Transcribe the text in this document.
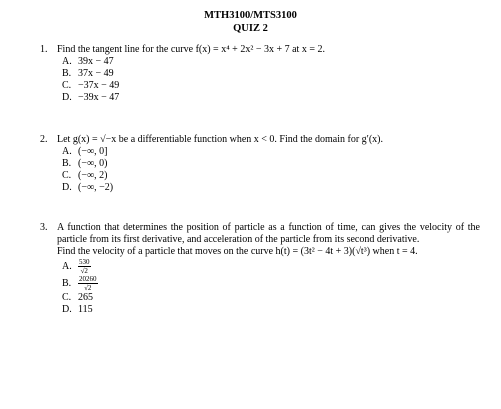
MTH3100/MTS3100
QUIZ 2
1. Find the tangent line for the curve f(x) = x⁴ + 2x² − 3x + 7 at x = 2.
A. 39x − 47
B. 37x − 49
C. −37x − 49
D. −39x − 47
2. Let g(x) = √−x be a differentiable function when x < 0. Find the domain for g′(x).
A. (−∞, 0]
B. (−∞, 0)
C. (−∞, 2)
D. (−∞, −2)
3. A function that determines the position of particle as a function of time, can gives the velocity of the particle from its first derivative, and acceleration of the particle from its second derivative.
Find the velocity of a particle that moves on the curve h(t) = (3t² − 4t + 3)(√t³) when t = 4.
A. $\frac{530}{√2}$
B. $\frac{20260}{√2}$
C. 265
D. 115
